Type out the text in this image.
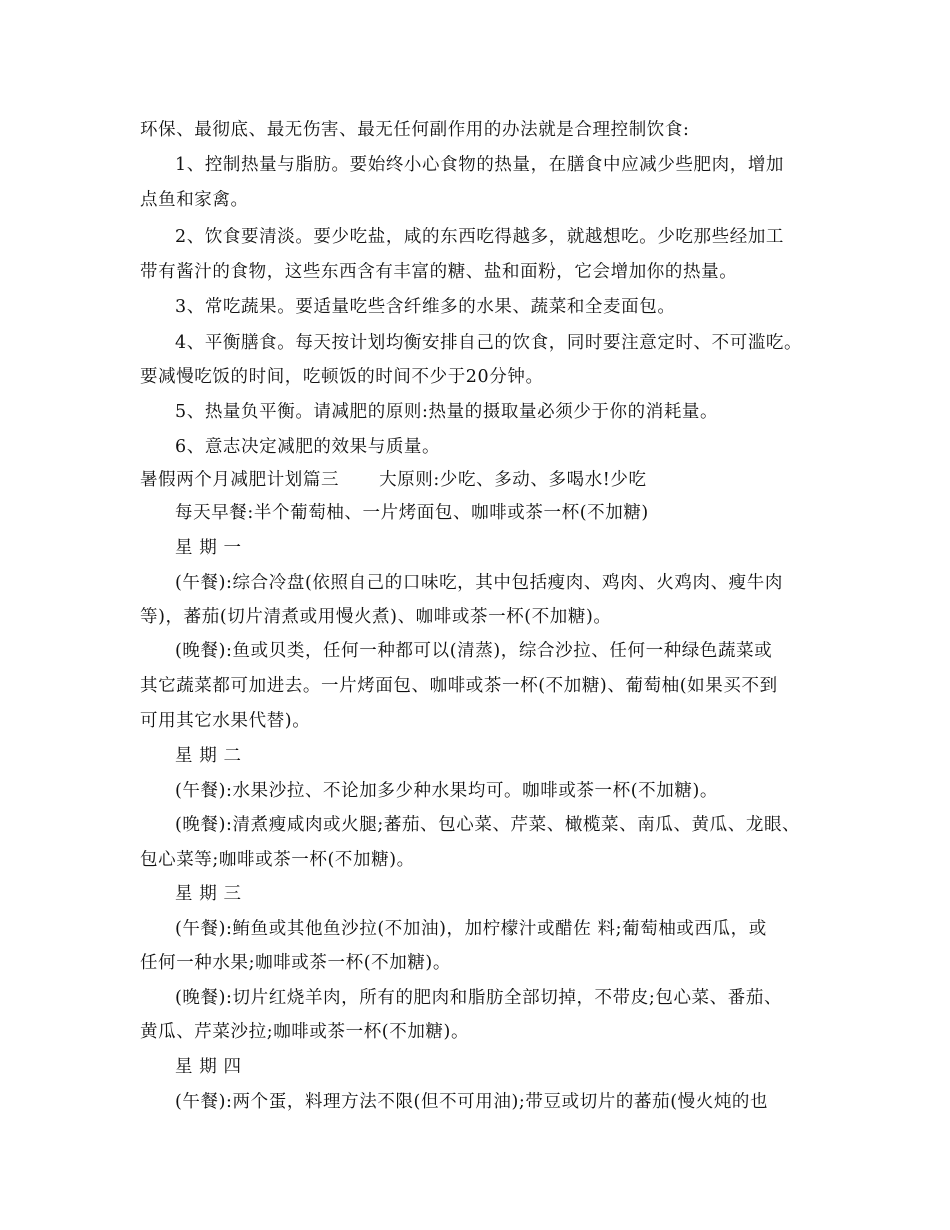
环保、最彻底、最无伤害、最无任何副作用的办法就是合理控制饮食:
1、控制热量与脂肪。要始终小心食物的热量，在膳食中应减少些肥肉，增加
点鱼和家禽。
2、饮食要清淡。要少吃盐，咸的东西吃得越多，就越想吃。少吃那些经加工
带有酱汁的食物，这些东西含有丰富的糖、盐和面粉，它会增加你的热量。
3、常吃蔬果。要适量吃些含纤维多的水果、蔬菜和全麦面包。
4、平衡膳食。每天按计划均衡安排自己的饮食，同时要注意定时、不可滥吃。
要减慢吃饭的时间，吃顿饭的时间不少于20分钟。
5、热量负平衡。请减肥的原则:热量的摄取量必须少于你的消耗量。
6、意志决定减肥的效果与质量。
暑假两个月减肥计划篇三 大原则:少吃、多动、多喝水!少吃
每天早餐:半个葡萄柚、一片烤面包、咖啡或茶一杯(不加糖)
星 期 一
(午餐):综合冷盘(依照自己的口味吃，其中包括瘦肉、鸡肉、火鸡肉、瘦牛肉
等)，蕃茄(切片清煮或用慢火煮)、咖啡或茶一杯(不加糖)。
(晚餐):鱼或贝类，任何一种都可以(清蒸)，综合沙拉、任何一种绿色蔬菜或
其它蔬菜都可加进去。一片烤面包、咖啡或茶一杯(不加糖)、葡萄柚(如果买不到
可用其它水果代替)。
星 期 二
(午餐):水果沙拉、不论加多少种水果均可。咖啡或茶一杯(不加糖)。
(晚餐):清煮瘦咸肉或火腿;蕃茄、包心菜、芹菜、橄榄菜、南瓜、黄瓜、龙眼、
包心菜等;咖啡或茶一杯(不加糖)。
星 期 三
(午餐):鲔鱼或其他鱼沙拉(不加油)，加柠檬汁或醋佐 料;葡萄柚或西瓜，或
任何一种水果;咖啡或茶一杯(不加糖)。
(晚餐):切片红烧羊肉，所有的肥肉和脂肪全部切掉，不带皮;包心菜、番茄、
黄瓜、芹菜沙拉;咖啡或茶一杯(不加糖)。
星 期 四
(午餐):两个蛋，料理方法不限(但不可用油);带豆或切片的蕃茄(慢火炖的也
